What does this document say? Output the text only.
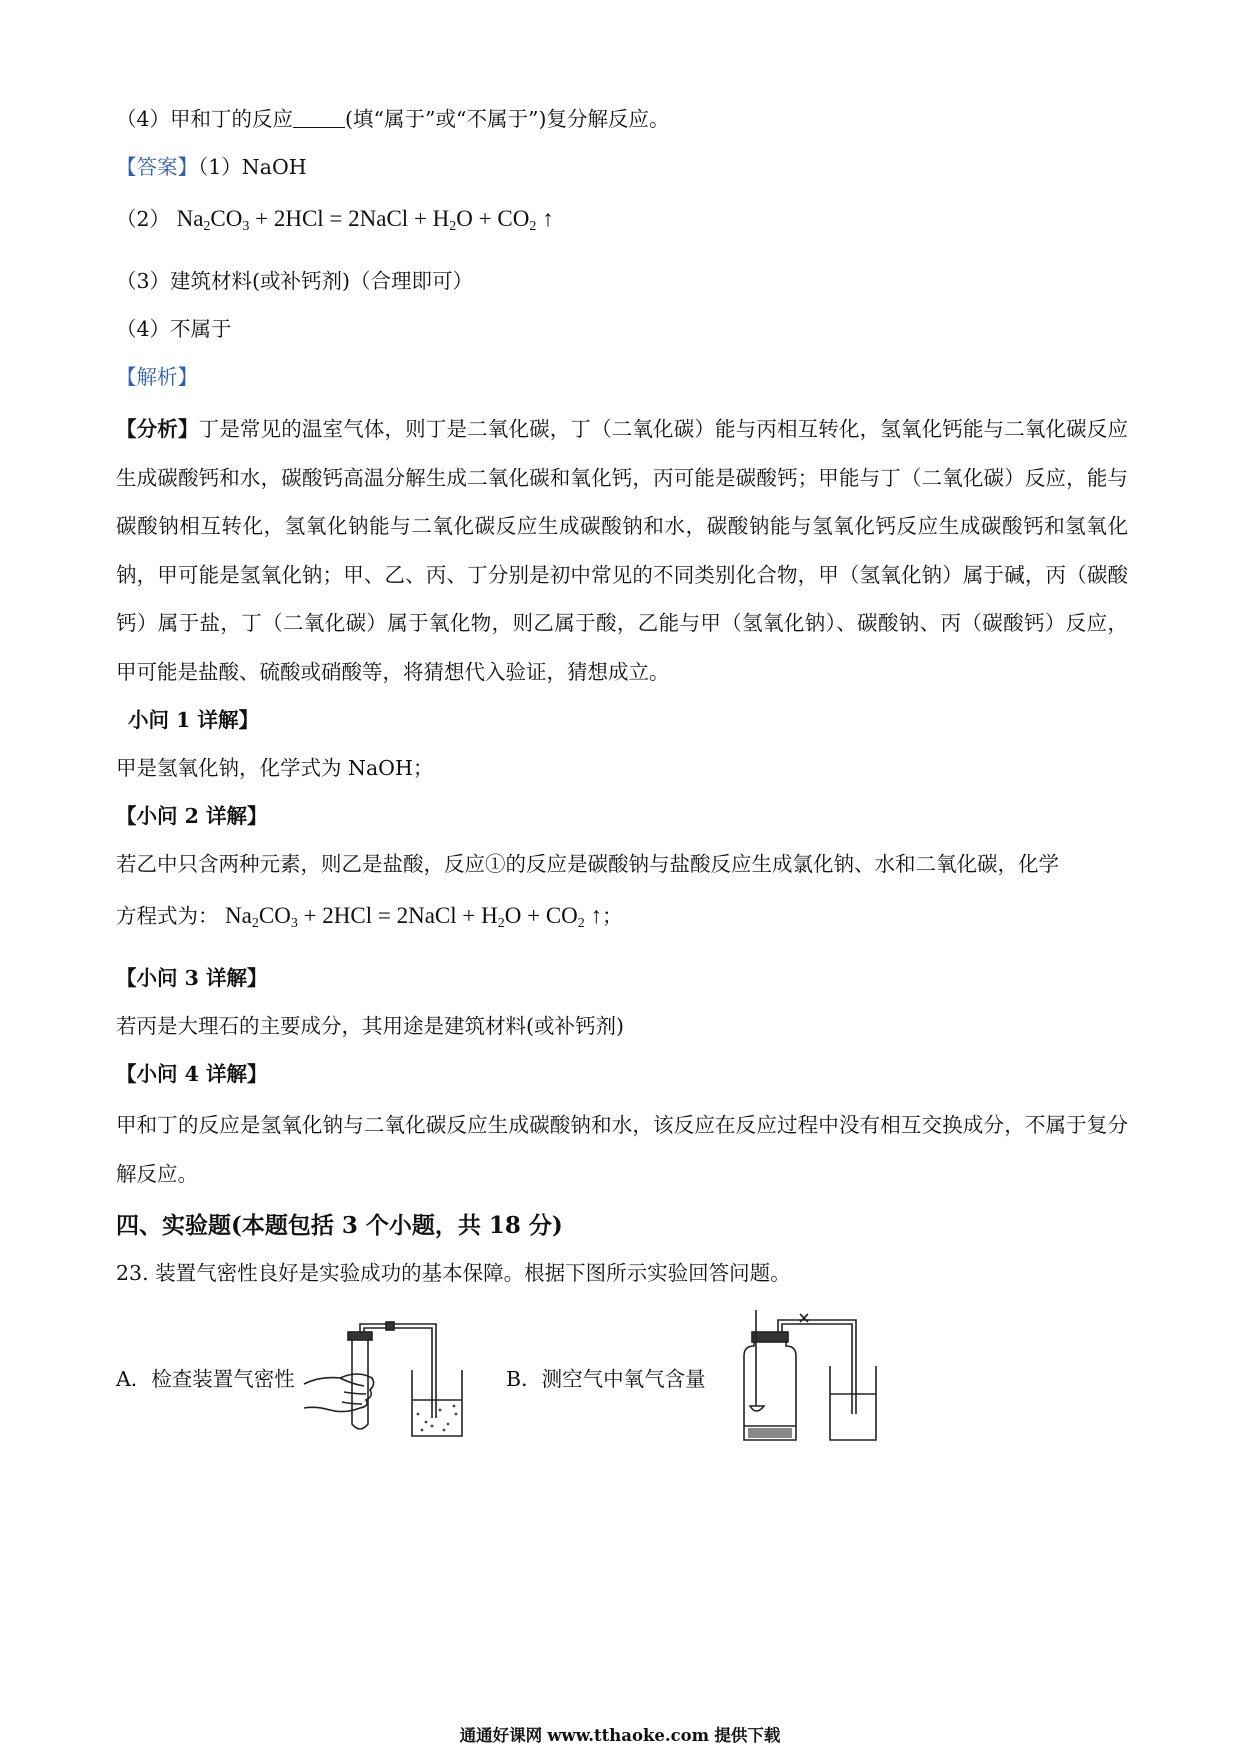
（4）甲和丁的反应	(填“属于”或“不属于”)复分解反应。
【答案】（1）NaOH
（2） $Na_2CO_3 + 2HCl$ = 2NaCl + $H_2O + CO_2$ ↑
（3）建筑材料(或补钙剂)（合理即可）
（4）不属于
【解析】
【分析】丁是常见的温室气体，则丁是二氧化碳，丁（二氧化碳）能与丙相互转化，氢氧化钙能与二氧化碳反应生成碳酸钙和水，碳酸钙高温分解生成二氧化碳和氧化钙，丙可能是碳酸钙；甲能与丁（二氧化碳）反应，能与碳酸钠相互转化，氢氧化钠能与二氧化碳反应生成碳酸钠和水，碳酸钠能与氢氧化钙反应生成碳酸钙和氢氧化钠，甲可能是氢氧化钠；甲、乙、丙、丁分别是初中常见的不同类别化合物，甲（氢氧化钠）属于碱，丙（碳酸钙）属于盐，丁（二氧化碳）属于氧化物，则乙属于酸，乙能与甲（氢氧化钠）、碳酸钠、丙（碳酸钙）反应，甲可能是盐酸、硫酸或硝酸等，将猜想代入验证，猜想成立。
小问 1 详解】
甲是氢氧化钠，化学式为 NaOH；
【小问 2 详解】
若乙中只含两种元素，则乙是盐酸，反应①的反应是碳酸钠与盐酸反应生成氯化钠、水和二氧化碳，化学
方程式为： $Na_2CO_3 + 2HCl$ = 2NaCl + $H_2O + CO_2$ ↑；
【小问 3 详解】
若丙是大理石的主要成分，其用途是建筑材料(或补钙剂)
【小问 4 详解】
甲和丁的反应是氢氧化钠与二氧化碳反应生成碳酸钠和水，该反应在反应过程中没有相互交换成分，不属于复分解反应。
四、实验题(本题包括 3 个小题，共 18 分)
23. 装置气密性良好是实验成功的基本保障。根据下图所示实验回答问题。
A．检查装置气密性	B．测空气中氧气含量
通通好课网 www.tthaoke.com 提供下载
